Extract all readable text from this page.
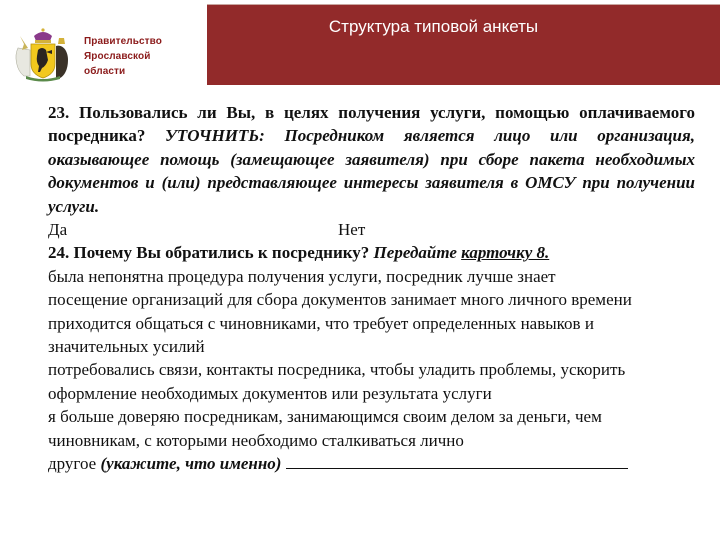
Правительство
Ярославской
области
Структура типовой анкеты
23. Пользовались ли Вы, в целях получения услуги, помощью оплачиваемого посредника? УТОЧНИТЬ: Посредником является лицо или организация, оказывающее помощь (замещающее заявителя) при сборе пакета необходимых документов и (или) представляющее интересы заявителя в ОМСУ при получении услуги.
Да	Нет
24. Почему Вы обратились к посреднику? Передайте карточку 8.
была непонятна процедура получения услуги, посредник лучше знает
посещение организаций для сбора документов занимает много личного времени
приходится общаться с чиновниками, что требует определенных навыков и значительных усилий
потребовались связи, контакты посредника, чтобы уладить проблемы, ускорить оформление необходимых документов или результата услуги
я больше доверяю посредникам, занимающимся своим делом за деньги, чем чиновникам, с которыми необходимо сталкиваться лично
другое (укажите, что именно)
